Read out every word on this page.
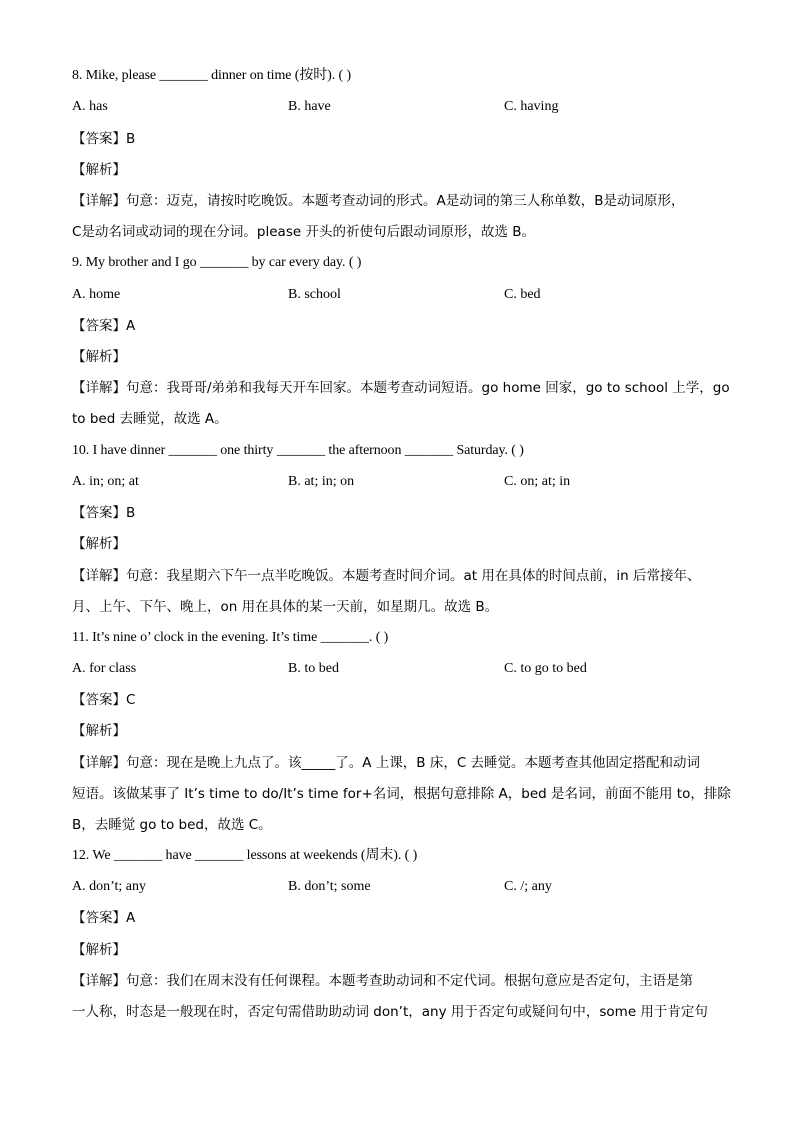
8. Mike, please _______ dinner on time (按时). ( )
A. has	B. have	C. having
【答案】B
【解析】
【详解】句意：迈克，请按时吃晚饭。本题考查动词的形式。A是动词的第三人称单数，B是动词原形，
C是动名词或动词的现在分词。please 开头的祈使句后跟动词原形，故选 B。
9. My brother and I go _______ by car every day. ( )
A. home	B. school	C. bed
【答案】A
【解析】
【详解】句意：我哥哥/弟弟和我每天开车回家。本题考查动词短语。go home 回家，go to school 上学，go
to bed 去睡觉，故选 A。
10. I have dinner _______ one thirty _______ the afternoon _______ Saturday. ( )
A. in; on; at	B. at; in; on	C. on; at; in
【答案】B
【解析】
【详解】句意：我星期六下午一点半吃晚饭。本题考查时间介词。at 用在具体的时间点前，in 后常接年、
月、上午、下午、晚上，on 用在具体的某一天前，如星期几。故选 B。
11. It’s nine o’ clock in the evening. It’s time _______. ( )
A. for class	B. to bed	C. to go to bed
【答案】C
【解析】
【详解】句意：现在是晚上九点了。该_____了。A 上课，B 床，C 去睡觉。本题考查其他固定搭配和动词
短语。该做某事了 It’s time to do/It’s time for+名词，根据句意排除 A，bed 是名词，前面不能用 to，排除
B，去睡觉 go to bed，故选 C。
12. We _______ have _______ lessons at weekends (周末). ( )
A. don’t; any	B. don’t; some	C. /; any
【答案】A
【解析】
【详解】句意：我们在周末没有任何课程。本题考查助动词和不定代词。根据句意应是否定句，主语是第
一人称，时态是一般现在时，否定句需借助助动词 don’t，any 用于否定句或疑问句中，some 用于肯定句
